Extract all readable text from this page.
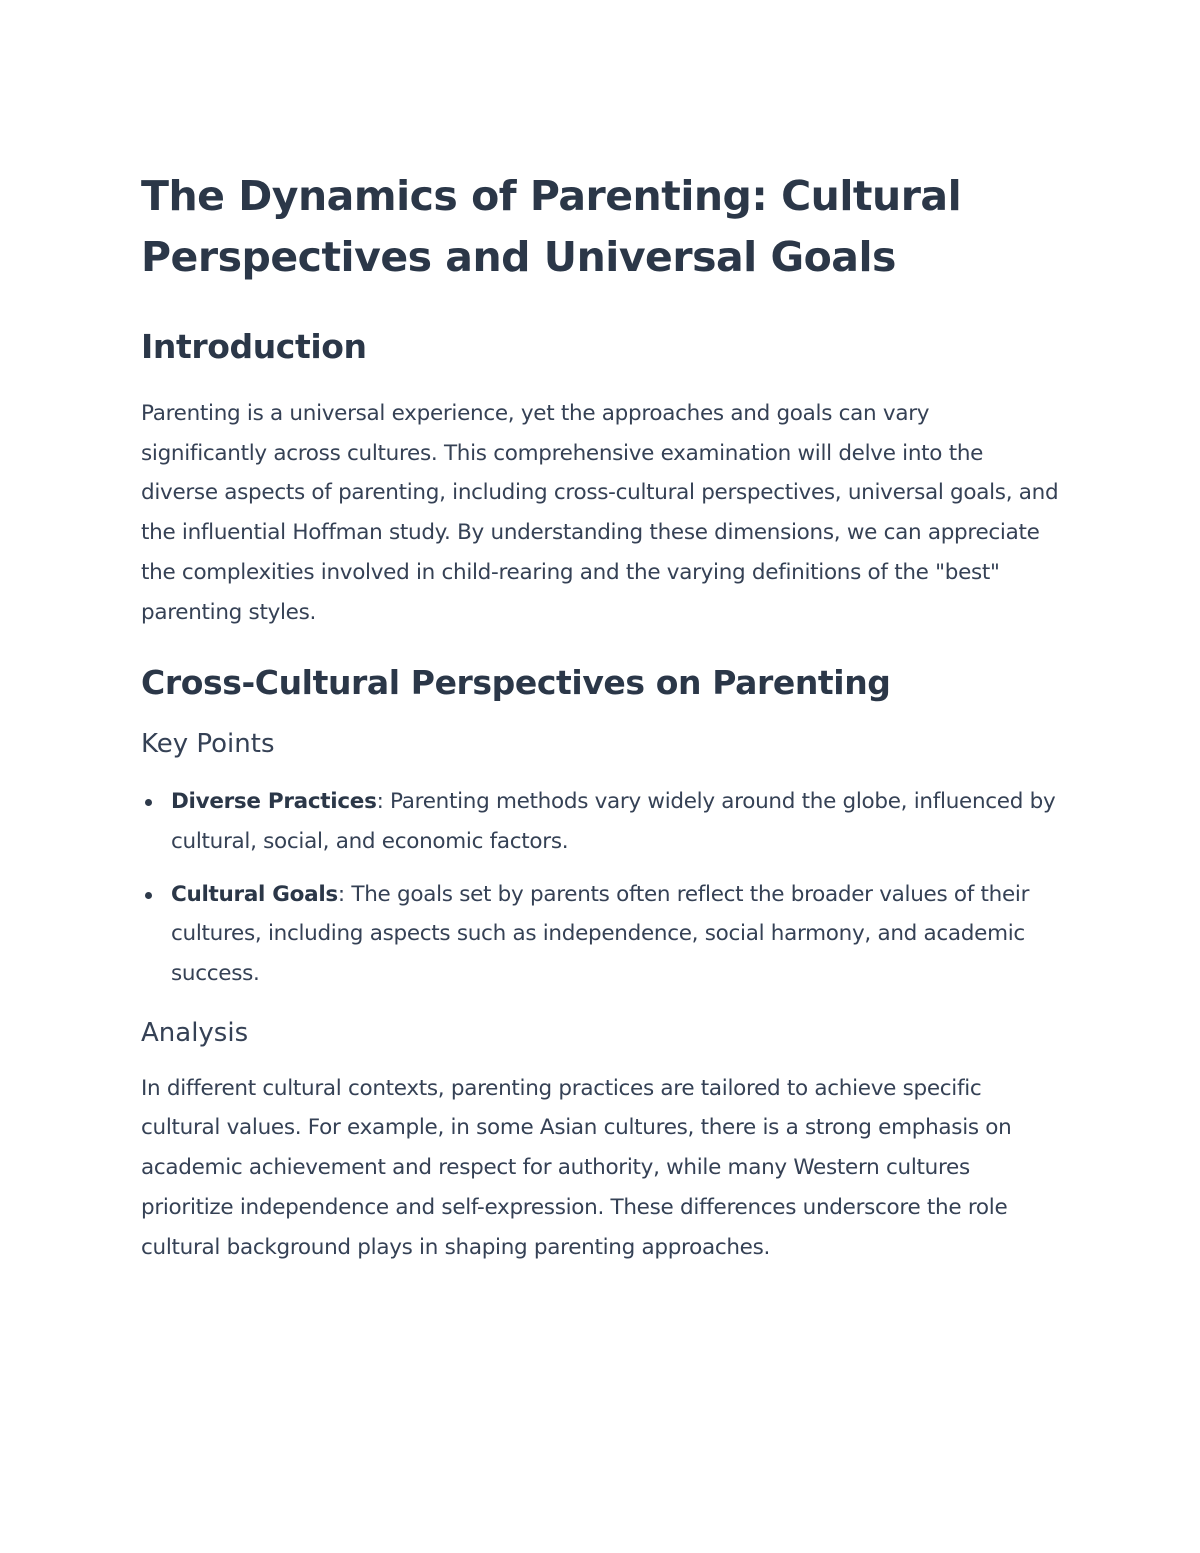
The Dynamics of Parenting: Cultural Perspectives and Universal Goals
Introduction

Parenting is a universal experience, yet the approaches and goals can vary significantly across cultures. This comprehensive examination will delve into the diverse aspects of parenting, including cross-cultural perspectives, universal goals, and the influential Hoffman study. By understanding these dimensions, we can appreciate the complexities involved in child-rearing and the varying definitions of the "best" parenting styles.

Cross-Cultural Perspectives on Parenting
Key Points
Diverse Practices: Parenting methods vary widely around the globe, influenced by cultural, social, and economic factors.
Cultural Goals: The goals set by parents often reflect the broader values of their cultures, including aspects such as independence, social harmony, and academic success.
Analysis

In different cultural contexts, parenting practices are tailored to achieve specific cultural values. For example, in some Asian cultures, there is a strong emphasis on academic achievement and respect for authority, while many Western cultures prioritize independence and self-expression. These differences underscore the role cultural background plays in shaping parenting approaches.
